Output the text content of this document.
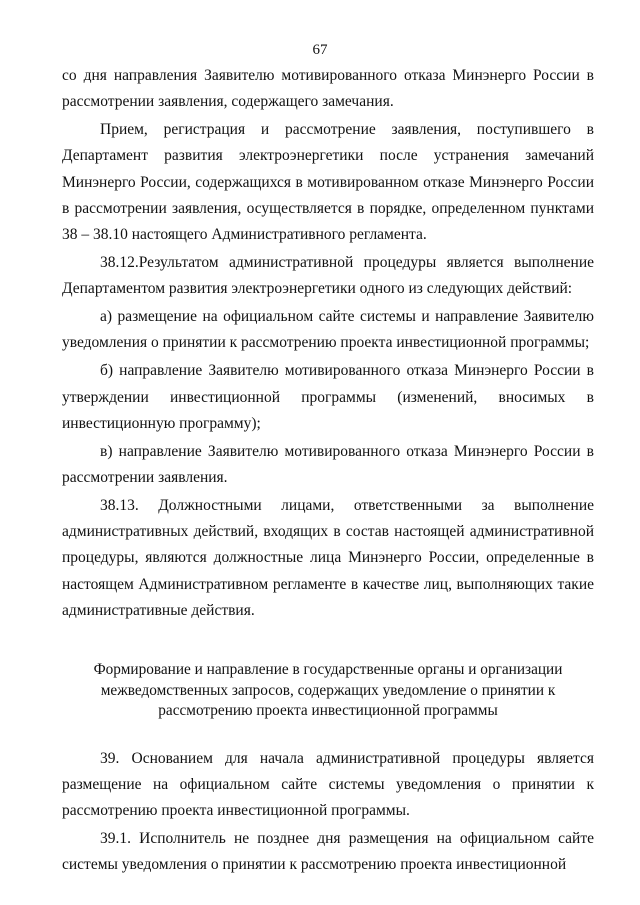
67

со дня направления Заявителю мотивированного отказа Минэнерго России в рассмотрении заявления, содержащего замечания.

Прием, регистрация и рассмотрение заявления, поступившего в Департамент развития электроэнергетики после устранения замечаний Минэнерго России, содержащихся в мотивированном отказе Минэнерго России в рассмотрении заявления, осуществляется в порядке, определенном пунктами 38 – 38.10 настоящего Административного регламента.

38.12.Результатом административной процедуры является выполнение Департаментом развития электроэнергетики одного из следующих действий:

а) размещение на официальном сайте системы и направление Заявителю уведомления о принятии к рассмотрению проекта инвестиционной программы;

б) направление Заявителю мотивированного отказа Минэнерго России в утверждении инвестиционной программы (изменений, вносимых в инвестиционную программу);

в) направление Заявителю мотивированного отказа Минэнерго России в рассмотрении заявления.

38.13. Должностными лицами, ответственными за выполнение административных действий, входящих в состав настоящей административной процедуры, являются должностные лица Минэнерго России, определенные в настоящем Административном регламенте в качестве лиц, выполняющих такие административные действия.

Формирование и направление в государственные органы и организации межведомственных запросов, содержащих уведомление о принятии к рассмотрению проекта инвестиционной программы

39. Основанием для начала административной процедуры является размещение на официальном сайте системы уведомления о принятии к рассмотрению проекта инвестиционной программы.

39.1. Исполнитель не позднее дня размещения на официальном сайте системы уведомления о принятии к рассмотрению проекта инвестиционной
